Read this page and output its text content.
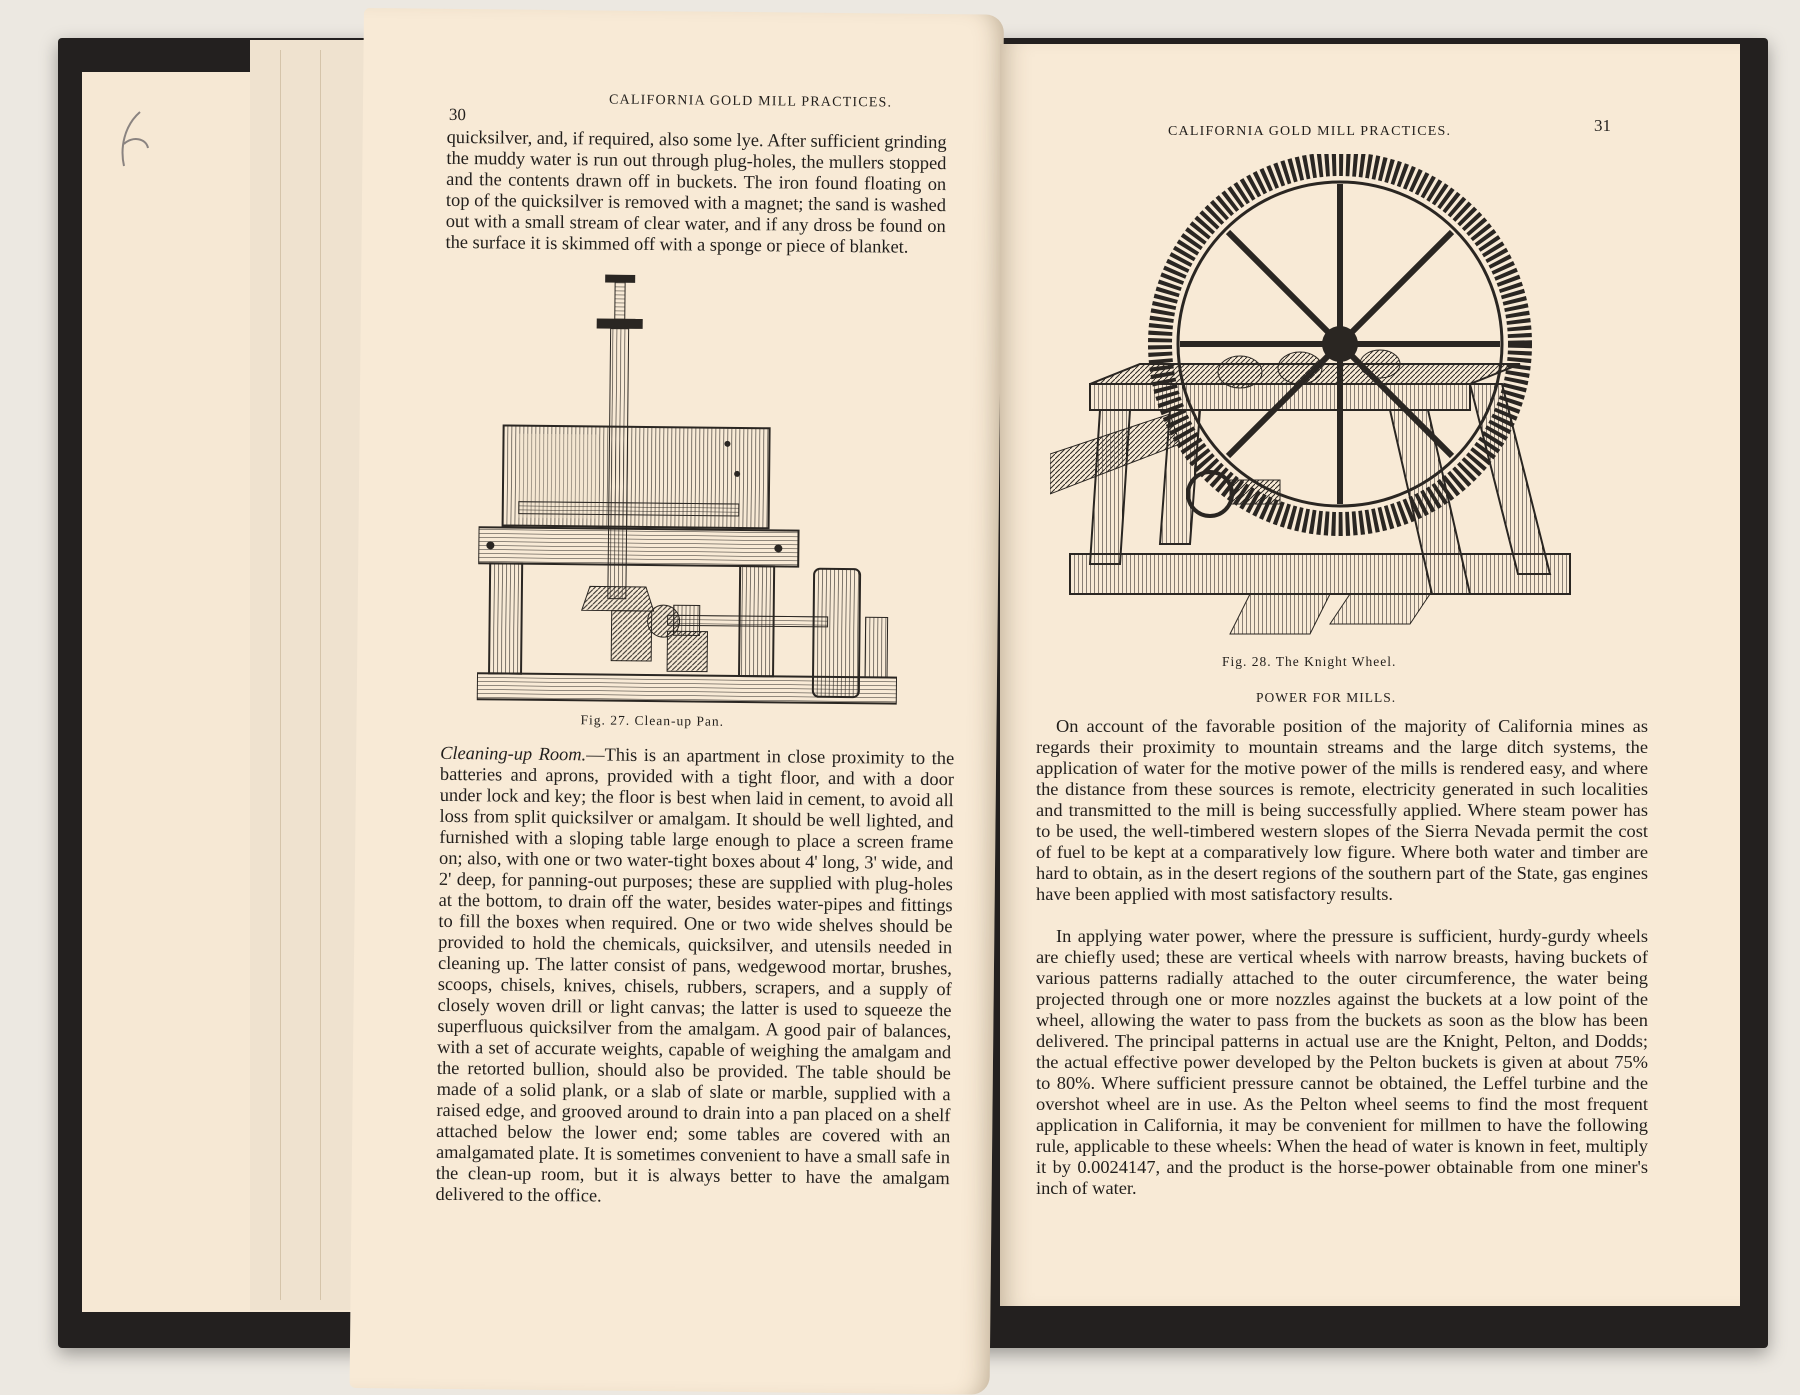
30
CALIFORNIA GOLD MILL PRACTICES.
quicksilver, and, if required, also some lye. After sufficient grinding the muddy water is run out through plug-holes, the mullers stopped and the contents drawn off in buckets. The iron found floating on top of the quicksilver is removed with a magnet; the sand is washed out with a small stream of clear water, and if any dross be found on the surface it is skimmed off with a sponge or piece of blanket.
Fig. 27. Clean-up Pan.

Cleaning-up Room.—This is an apartment in close proximity to the batteries and aprons, provided with a tight floor, and with a door under lock and key; the floor is best when laid in cement, to avoid all loss from split quicksilver or amalgam. It should be well lighted, and furnished with a sloping table large enough to place a screen frame on; also, with one or two water-tight boxes about 4' long, 3' wide, and 2' deep, for panning-out purposes; these are supplied with plug-holes at the bottom, to drain off the water, besides water-pipes and fittings to fill the boxes when required. One or two wide shelves should be provided to hold the chemicals, quicksilver, and utensils needed in cleaning up. The latter consist of pans, wedgewood mortar, brushes, scoops, chisels, knives, chisels, rubbers, scrapers, and a supply of closely woven drill or light canvas; the latter is used to squeeze the superfluous quicksilver from the amalgam. A good pair of balances, with a set of accurate weights, capable of weighing the amalgam and the retorted bullion, should also be provided. The table should be made of a solid plank, or a slab of slate or marble, supplied with a raised edge, and grooved around to drain into a pan placed on a shelf attached below the lower end; some tables are covered with an amalgamated plate. It is sometimes convenient to have a small safe in the clean-up room, but it is always better to have the amalgam delivered to the office.

CALIFORNIA GOLD MILL PRACTICES.	31
Fig. 28. The Knight Wheel.
POWER FOR MILLS.

On account of the favorable position of the majority of California mines as regards their proximity to mountain streams and the large ditch systems, the application of water for the motive power of the mills is rendered easy, and where the distance from these sources is remote, electricity generated in such localities and transmitted to the mill is being successfully applied. Where steam power has to be used, the well-timbered western slopes of the Sierra Nevada permit the cost of fuel to be kept at a comparatively low figure. Where both water and timber are hard to obtain, as in the desert regions of the southern part of the State, gas engines have been applied with most satisfactory results.

In applying water power, where the pressure is sufficient, hurdy-gurdy wheels are chiefly used; these are vertical wheels with narrow breasts, having buckets of various patterns radially attached to the outer circumference, the water being projected through one or more nozzles against the buckets at a low point of the wheel, allowing the water to pass from the buckets as soon as the blow has been delivered. The principal patterns in actual use are the Knight, Pelton, and Dodds; the actual effective power developed by the Pelton buckets is given at about 75% to 80%. Where sufficient pressure cannot be obtained, the Leffel turbine and the overshot wheel are in use. As the Pelton wheel seems to find the most frequent application in California, it may be convenient for millmen to have the following rule, applicable to these wheels: When the head of water is known in feet, multiply it by 0.0024147, and the product is the horse-power obtainable from one miner's inch of water.
